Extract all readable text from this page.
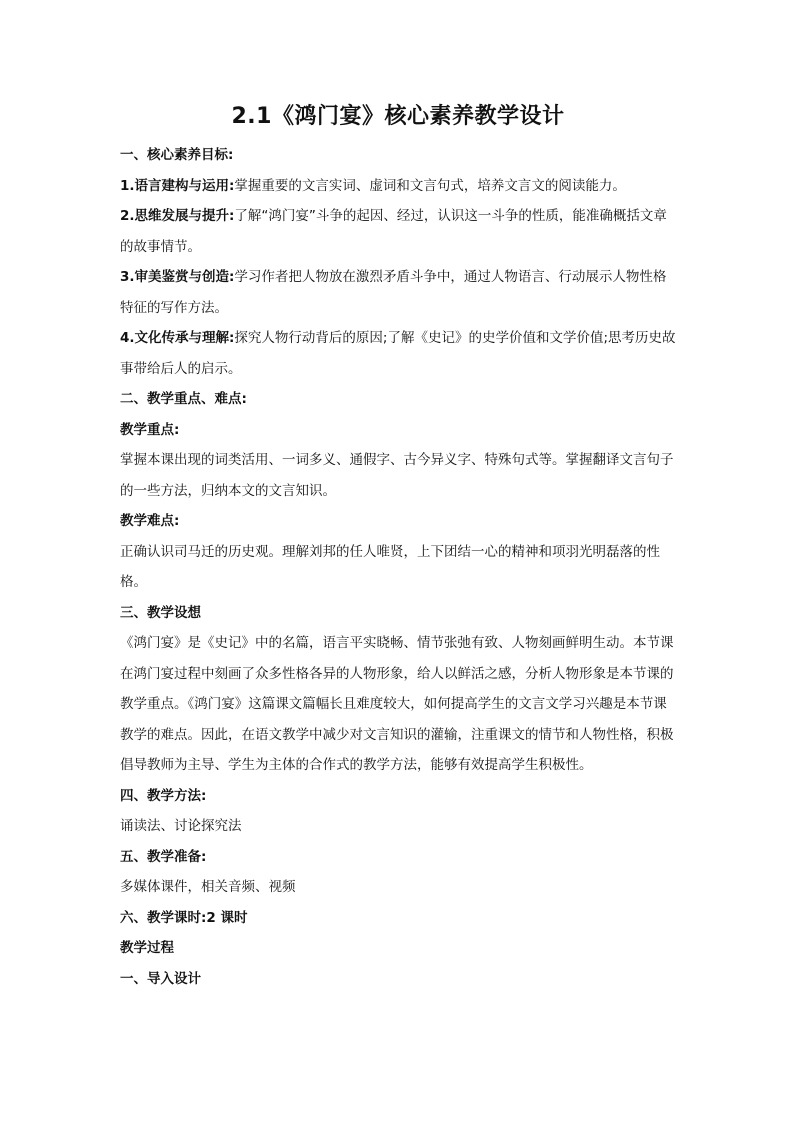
2.1《鸿门宴》核心素养教学设计

一、核心素养目标:

1.语言建构与运用:掌握重要的文言实词、虚词和文言句式，培养文言文的阅读能力。

2.思维发展与提升:了解“鸿门宴”斗争的起因、经过，认识这一斗争的性质，能准确概括文章的故事情节。

3.审美鉴赏与创造:学习作者把人物放在激烈矛盾斗争中，通过人物语言、行动展示人物性格特征的写作方法。

4.文化传承与理解:探究人物行动背后的原因;了解《史记》的史学价值和文学价值;思考历史故事带给后人的启示。

二、教学重点、难点:

教学重点:

掌握本课出现的词类活用、一词多义、通假字、古今异义字、特殊句式等。掌握翻译文言句子的一些方法，归纳本文的文言知识。

教学难点:

正确认识司马迁的历史观。理解刘邦的任人唯贤，上下团结一心的精神和项羽光明磊落的性格。

三、教学设想

《鸿门宴》是《史记》中的名篇，语言平实晓畅、情节张弛有致、人物刻画鲜明生动。本节课在鸿门宴过程中刻画了众多性格各异的人物形象，给人以鲜活之感，分析人物形象是本节课的教学重点。《鸿门宴》这篇课文篇幅长且难度较大，如何提高学生的文言文学习兴趣是本节课教学的难点。因此，在语文教学中减少对文言知识的灌输，注重课文的情节和人物性格，积极倡导教师为主导、学生为主体的合作式的教学方法，能够有效提高学生积极性。

四、教学方法:

诵读法、讨论探究法

五、教学准备:

多媒体课件，相关音频、视频

六、教学课时:2 课时

教学过程

一、导入设计
